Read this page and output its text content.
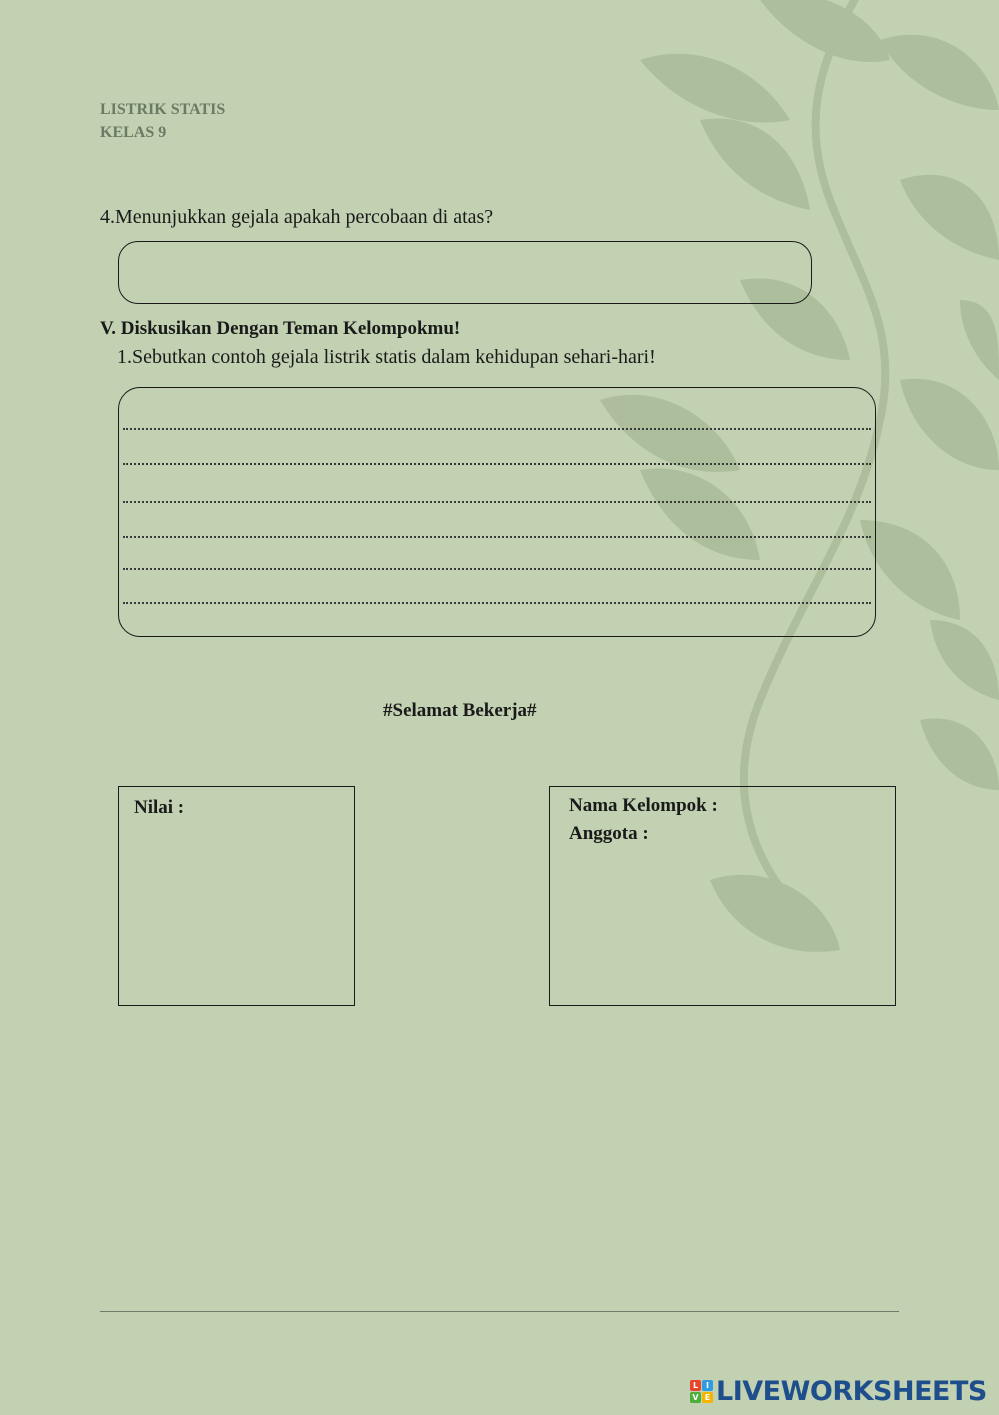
LISTRIK STATIS
KELAS 9
4.Menunjukkan gejala apakah percobaan di atas?
V. Diskusikan Dengan Teman Kelompokmu!
1.Sebutkan contoh gejala listrik statis dalam kehidupan sehari-hari!
#Selamat Bekerja#
Nilai :	Nama Kelompok :
Anggota :
L I
V E LIVEWORKSHEETS
